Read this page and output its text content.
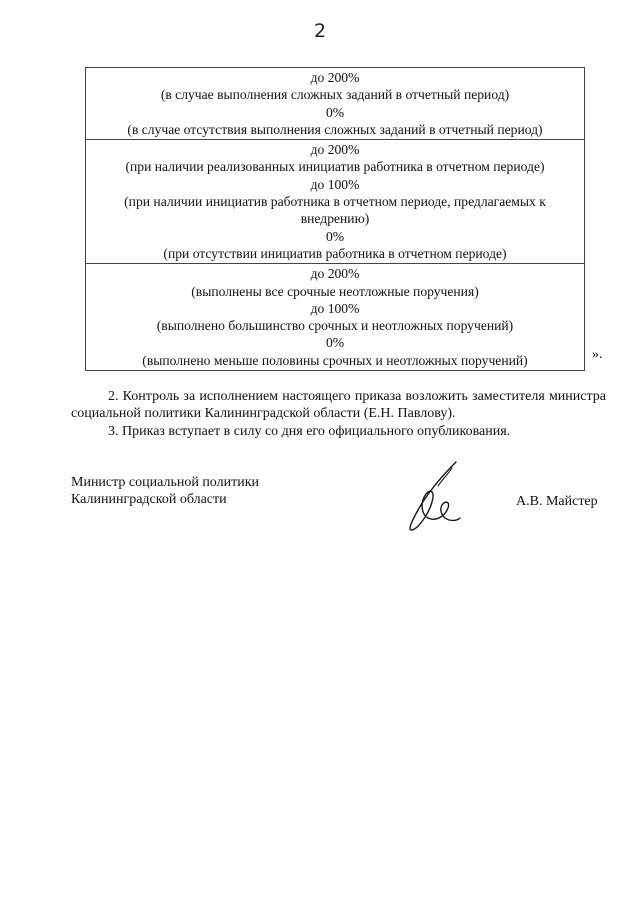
2
до 200%
(в случае выполнения сложных заданий в отчетный период)
0%
(в случае отсутствия выполнения сложных заданий в отчетный период)
до 200%
(при наличии реализованных инициатив работника в отчетном периоде)
до 100%
(при наличии инициатив работника в отчетном периоде, предлагаемых к внедрению)
0%
(при отсутствии инициатив работника в отчетном периоде)
до 200%
(выполнены все срочные неотложные поручения)
до 100%
(выполнено большинство срочных и неотложных поручений)
0%
(выполнено меньше половины срочных и неотложных поручений)	».

2. Контроль за исполнением настоящего приказа возложить заместителя министра социальной политики Калининградской области (Е.Н. Павлову).

3. Приказ вступает в силу со дня его официального опубликования.

Министр социальной политики
Калининградской области	А.В. Майстер
